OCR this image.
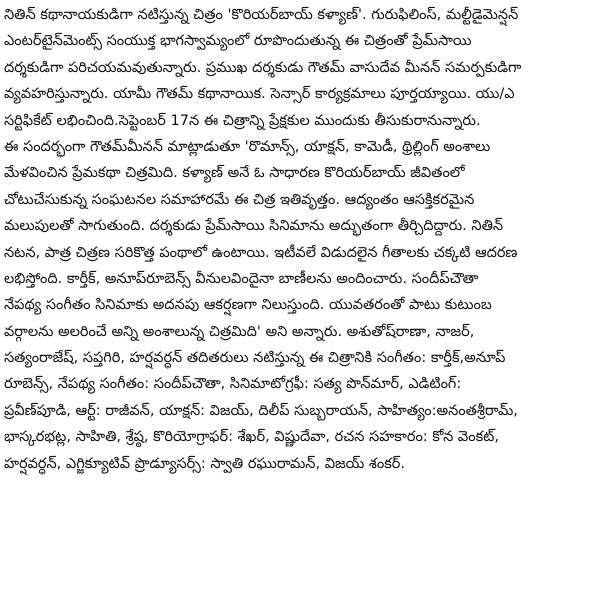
నితిన్ కథానాయకుడిగా నటిస్తున్న చిత్రం 'కొరియర్‌బాయ్ కళ్యాణ్'. గురుఫిలింస్, మల్టీడైమెన్షన్
ఎంటర్‌టైన్‌మెంట్స్ సంయుక్త భాగస్వామ్యంలో రూపొందుతున్న ఈ చిత్రంతో ప్రేమ్‌సాయి
దర్శకుడిగా పరిచయమవుతున్నారు. ప్రముఖ దర్శకుడు గౌతమ్ వాసుదేవ మీనన్ సమర్పకుడిగా
వ్యవహరిస్తున్నారు. యామీ గౌతమ్ కథానాయిక. సెన్సార్ కార్యక్రమాలు పూర్తయ్యాయి. యు/ఎ
సర్టిఫికేట్ లభించింది.సెప్టెంబర్ 17న ఈ చిత్రాన్ని ప్రేక్షకుల ముందుకు తీసుకురానున్నారు.
ఈ సందర్భంగా గౌతమ్‌మీనన్ మాట్లాడుతూ 'రొమాన్స్, యాక్షన్, కామెడీ, థ్రిల్లింగ్ అంశాలు
మేళవించిన ప్రేమకథా చిత్రమిది. కళ్యాణ్ అనే ఓ సాధారణ కొరియర్‌బాయ్ జీవితంలో
చోటుచేసుకున్న సంఘటనల సమాహారమే ఈ చిత్ర ఇతివృత్తం. ఆద్యంతం ఆసక్తికరమైన
మలుపులతో సాగుతుంది. దర్శకుడు ప్రేమ్‌సాయి సినిమాను అద్భుతంగా తీర్చిదిద్దారు. నితిన్
నటన, పాత్ర చిత్రణ సరికొత్త పంథాలో ఉంటాయి. ఇటీవలే విడుదలైన గీతాలకు చక్కటి ఆదరణ
లభిస్తోంది. కార్తీక్, అనూప్‌రూబెన్స్ వీనులవిందైనా బాణీలను అందించారు. సందీప్‌చౌతా
నేపథ్య సంగీతం సినిమాకు అదనపు ఆకర్షణగా నిలుస్తుంది. యువతరంతో పాటు కుటుంబ
వర్గాలను అలరించే అన్ని అంశాలున్న చిత్రమిది' అని అన్నారు. అశుతోష్‌రాణా, నాజర్,
సత్యంరాజేష్, సప్తగిరి, హర్షవర్ధన్ తదితరులు నటిస్తున్న ఈ చిత్రానికి సంగీతం: కార్తీక్,అనూప్
రూబెన్స్, నేపథ్య సంగీతం: సందీప్‌చౌతా, సినిమాటోగ్రఫీ: సత్య పొన్‌మార్, ఎడిటింగ్:
ప్రవీణ్‌పూడి, ఆర్ట్: రాజీవన్, యాక్షన్: విజయ్, దిలీప్ సుబ్బరాయన్, సాహిత్యం:అనంతశ్రీరామ్,
భాస్కరభట్ల, సాహితి, శ్రేష్ఠ, కొరియోగ్రాఫర్: శేఖర్, విష్ణుదేవా, రచన సహకారం: కోన వెంకట్,
హర్షవర్ధన్, ఎగ్జిక్యూటివ్ ప్రొడ్యూసర్స్: స్వాతి రఘురామన్, విజయ్ శంకర్.
